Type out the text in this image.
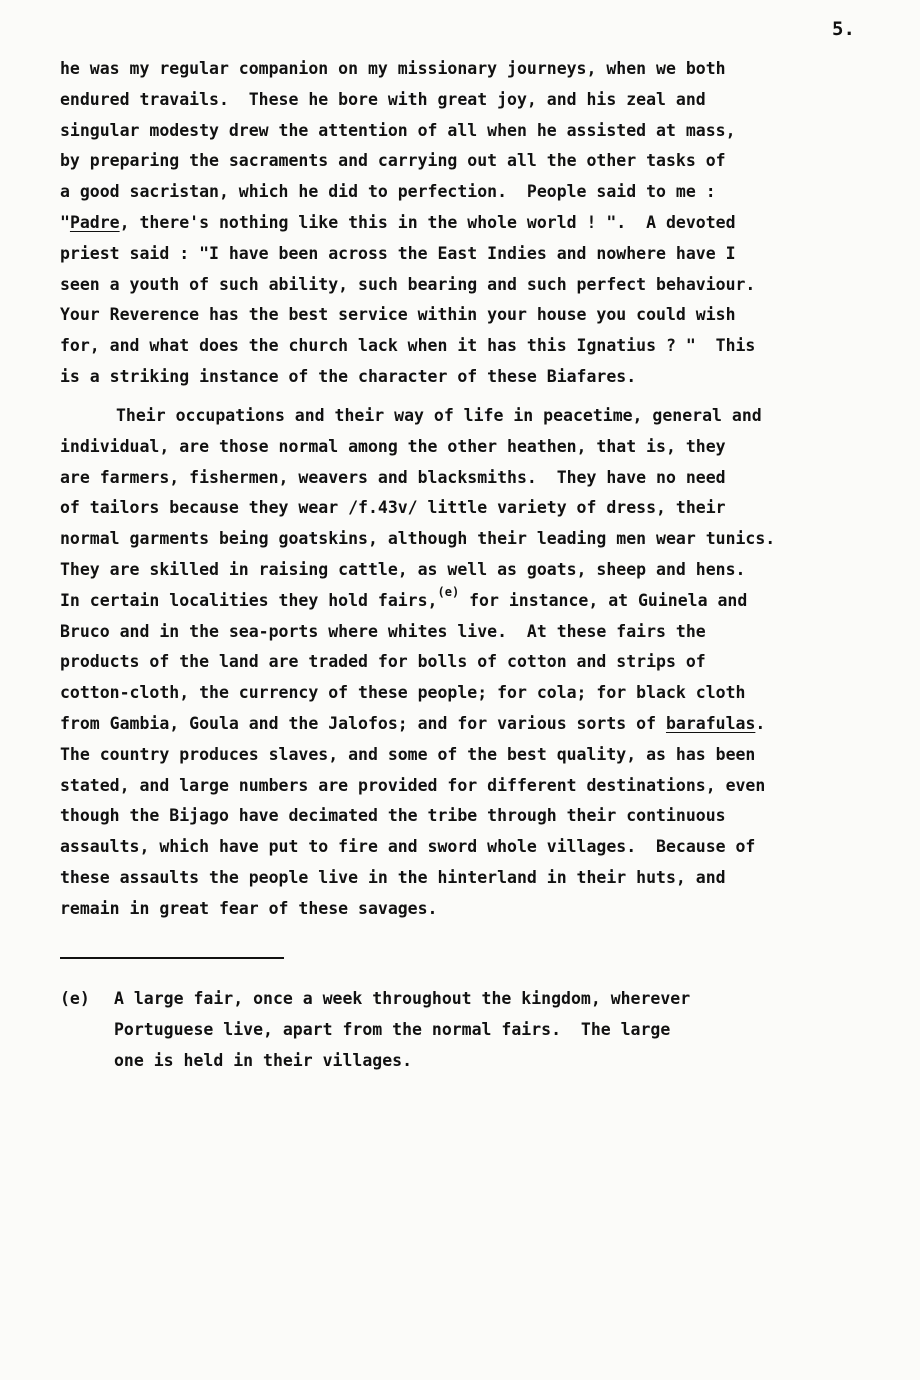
5.
he was my regular companion on my missionary journeys, when we both
endured travails.  These he bore with great joy, and his zeal and
singular modesty drew the attention of all when he assisted at mass,
by preparing the sacraments and carrying out all the other tasks of
a good sacristan, which he did to perfection.  People said to me :
"Padre, there's nothing like this in the whole world ! ".  A devoted
priest said : "I have been across the East Indies and nowhere have I
seen a youth of such ability, such bearing and such perfect behaviour.
Your Reverence has the best service within your house you could wish
for, and what does the church lack when it has this Ignatius ? "  This
is a striking instance of the character of these Biafares.
Their occupations and their way of life in peacetime, general and
individual, are those normal among the other heathen, that is, they
are farmers, fishermen, weavers and blacksmiths.  They have no need
of tailors because they wear /f.43v/ little variety of dress, their
normal garments being goatskins, although their leading men wear tunics.
They are skilled in raising cattle, as well as goats, sheep and hens.
In certain localities they hold fairs,$^{(e)}$ for instance, at Guinela and
Bruco and in the sea-ports where whites live.  At these fairs the
products of the land are traded for bolls of cotton and strips of
cotton-cloth, the currency of these people; for cola; for black cloth
from Gambia, Goula and the Jalofos; and for various sorts of barafulas.
The country produces slaves, and some of the best quality, as has been
stated, and large numbers are provided for different destinations, even
though the Bijago have decimated the tribe through their continuous
assaults, which have put to fire and sword whole villages.  Because of
these assaults the people live in the hinterland in their huts, and
remain in great fear of these savages.
(e) A large fair, once a week throughout the kingdom, wherever
Portuguese live, apart from the normal fairs.  The large
one is held in their villages.
